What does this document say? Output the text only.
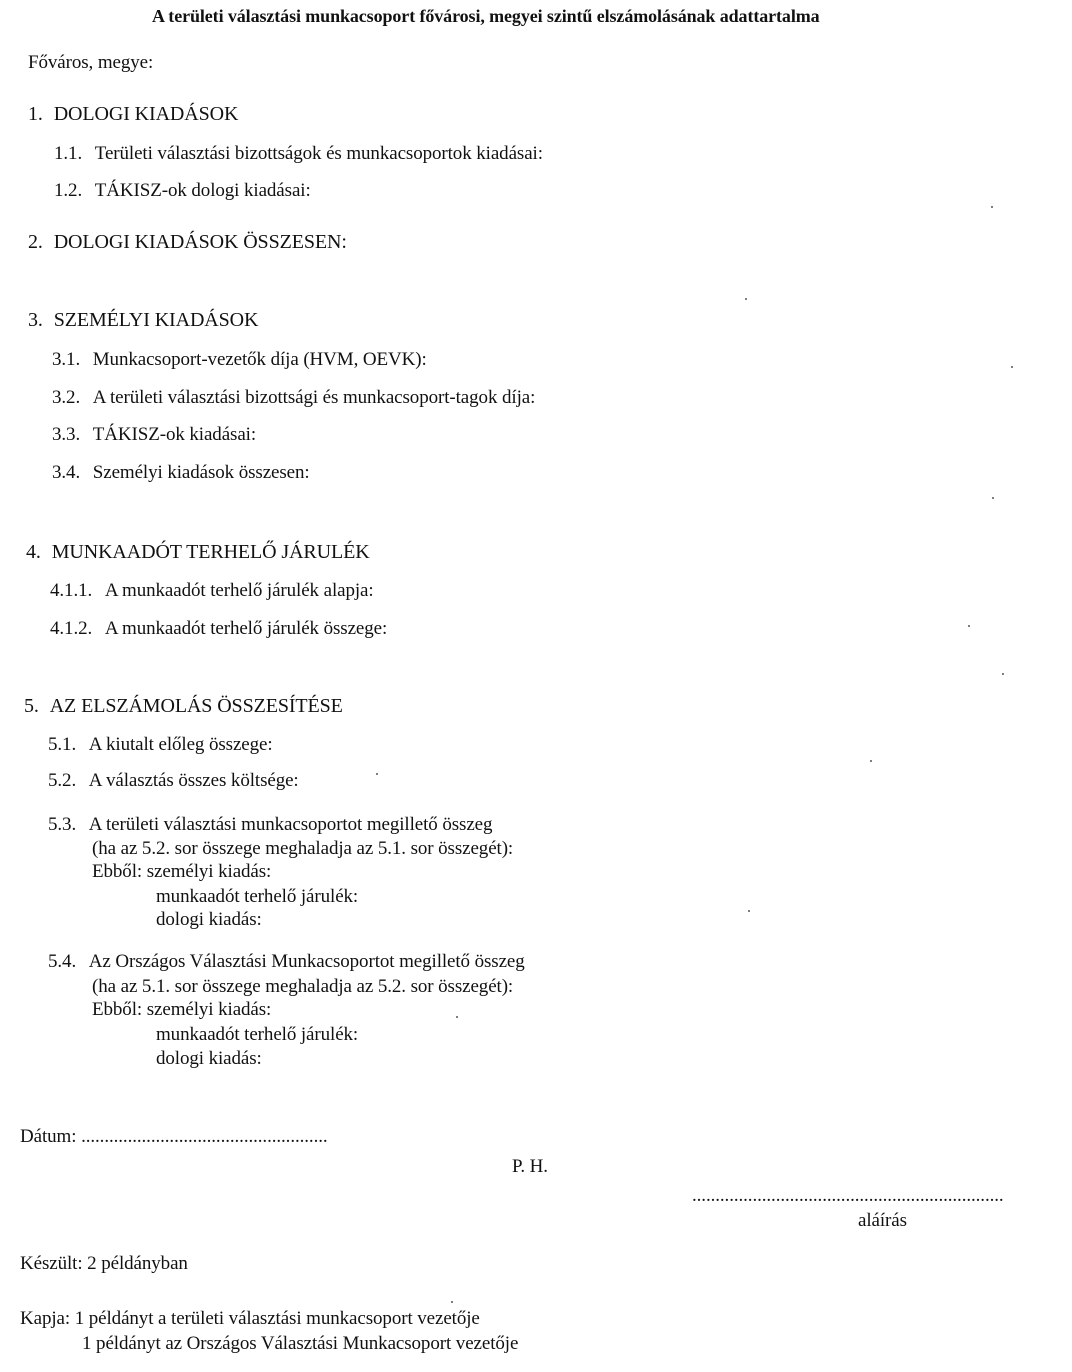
A területi választási munkacsoport fővárosi, megyei szintű elszámolásának adattartalma
Főváros, megye:
1. DOLOGI KIADÁSOK
1.1. Területi választási bizottságok és munkacsoportok kiadásai:
1.2. TÁKISZ-ok dologi kiadásai:
2. DOLOGI KIADÁSOK ÖSSZESEN:
3. SZEMÉLYI KIADÁSOK
3.1. Munkacsoport-vezetők díja (HVM, OEVK):
3.2. A területi választási bizottsági és munkacsoport-tagok díja:
3.3. TÁKISZ-ok kiadásai:
3.4. Személyi kiadások összesen:
4. MUNKAADÓT TERHELŐ JÁRULÉK
4.1.1. A munkaadót terhelő járulék alapja:
4.1.2. A munkaadót terhelő járulék összege:
5. AZ ELSZÁMOLÁS ÖSSZESÍTÉSE
5.1. A kiutalt előleg összege:
5.2. A választás összes költsége:
5.3. A területi választási munkacsoportot megillető összeg
(ha az 5.2. sor összege meghaladja az 5.1. sor összegét):
Ebből: személyi kiadás:
munkaadót terhelő járulék:
dologi kiadás:
5.4. Az Országos Választási Munkacsoportot megillető összeg
(ha az 5.1. sor összege meghaladja az 5.2. sor összegét):
Ebből: személyi kiadás:
munkaadót terhelő járulék:
dologi kiadás:
Dátum: .....................................................
P. H.
...................................................................
aláírás
Készült: 2 példányban
Kapja: 1 példányt a területi választási munkacsoport vezetője
1 példányt az Országos Választási Munkacsoport vezetője
